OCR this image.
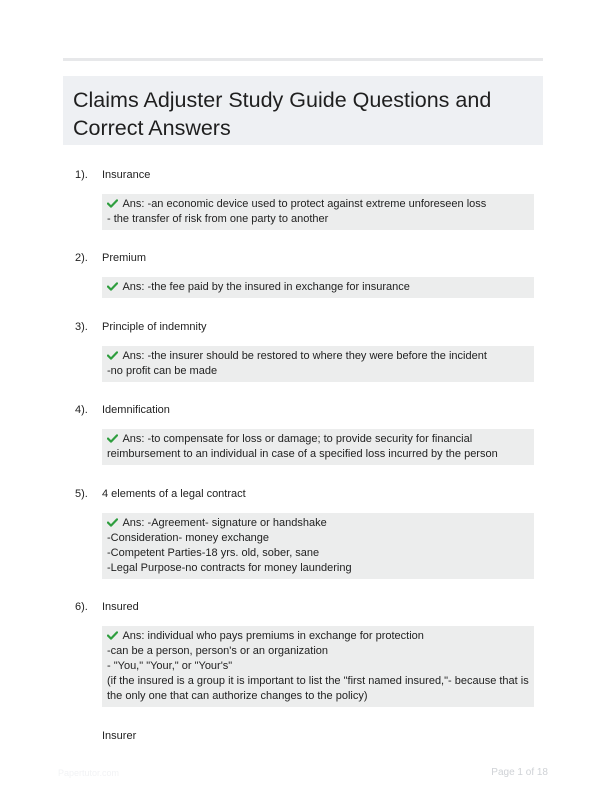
Claims Adjuster Study Guide Questions and Correct Answers
1). Insurance
Ans: -an economic device used to protect against extreme unforeseen loss
- the transfer of risk from one party to another
2). Premium
Ans: -the fee paid by the insured in exchange for insurance
3). Principle of indemnity
Ans: -the insurer should be restored to where they were before the incident
-no profit can be made
4). Idemnification
Ans: -to compensate for loss or damage; to provide security for financial
reimbursement to an individual in case of a specified loss incurred by the person
5). 4 elements of a legal contract
Ans: -Agreement- signature or handshake
-Consideration- money exchange
-Competent Parties-18 yrs. old, sober, sane
-Legal Purpose-no contracts for money laundering
6). Insured
Ans: individual who pays premiums in exchange for protection
-can be a person, person's or an organization
- "You," "Your," or "Your's"
(if the insured is a group it is important to list the "first named insured,"- because that is
the only one that can authorize changes to the policy)
Insurer
Papertutor.com	Page 1 of 18
